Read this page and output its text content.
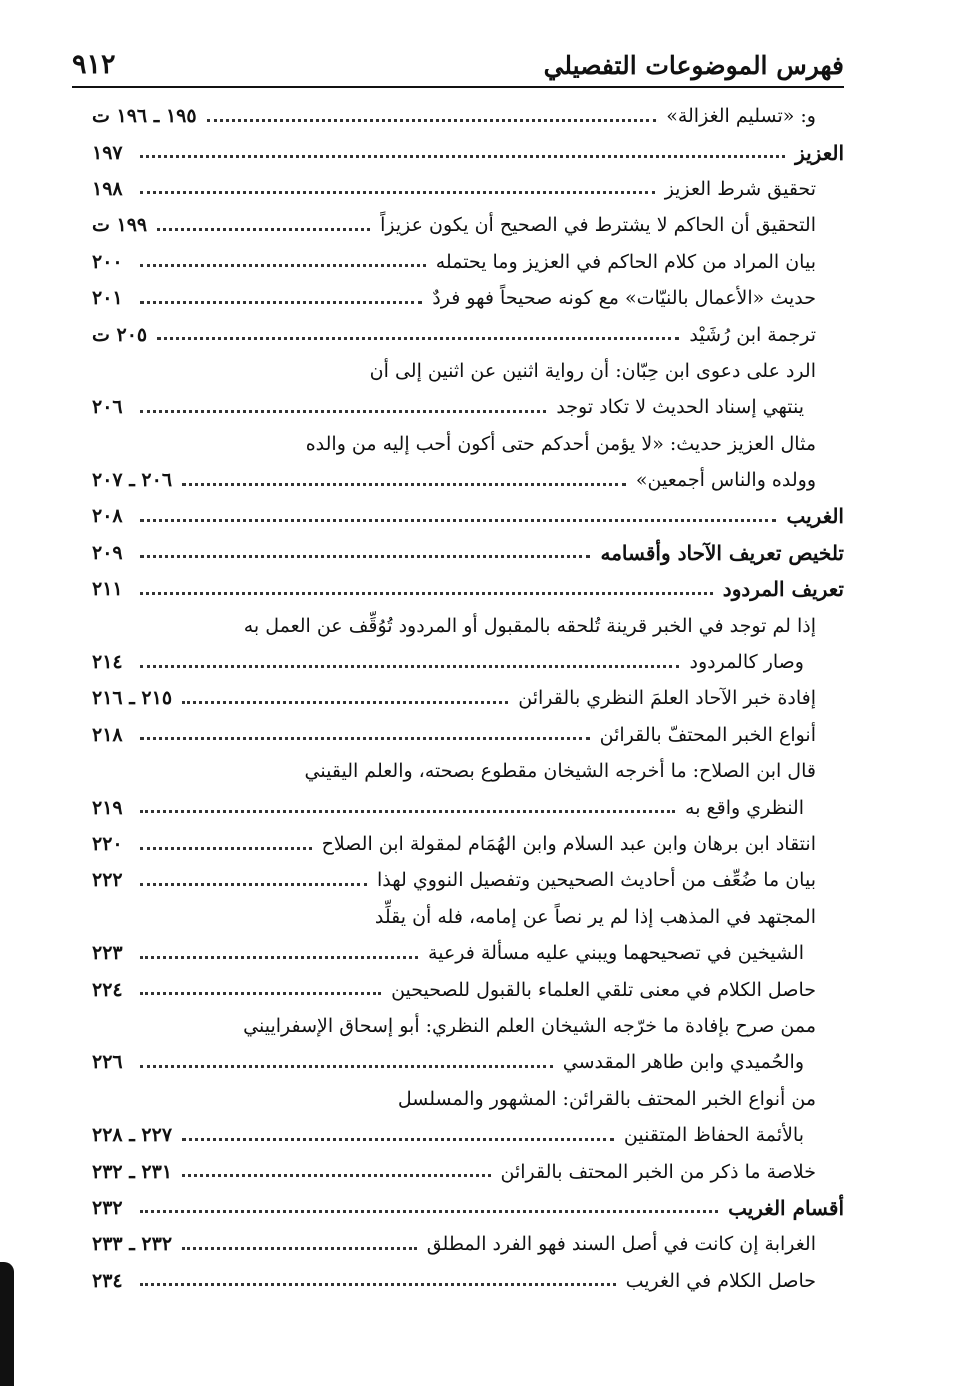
فهرس الموضوعات التفصيلي
٩١٢
و: «تسليم الغزالة»
١٩٥ ـ ١٩٦ ت
العزيز
١٩٧
تحقيق شرط العزيز
١٩٨
التحقيق أن الحاكم لا يشترط في الصحيح أن يكون عزيزاً
١٩٩ ت
بيان المراد من كلام الحاكم في العزيز وما يحتمله
٢٠٠
حديث «الأعمال بالنيّات» مع كونه صحيحاً فهو فردٌ
٢٠١
ترجمة ابن رُشَيْد
٢٠٥ ت
الرد على دعوى ابن حِبّان: أن رواية اثنين عن اثنين إلى أن
ينتهي إسناد الحديث لا تكاد توجد
٢٠٦
مثال العزيز حديث: «لا يؤمن أحدكم حتى أكون أحب إليه من والده
وولده والناس أجمعين»
٢٠٦ ـ ٢٠٧
الغريب
٢٠٨
تلخيص تعريف الآحاد وأقسامه
٢٠٩
تعريف المردود
٢١١
إذا لم توجد في الخبر قرينة تُلحقه بالمقبول أو المردود تُوُقِّف عن العمل به
وصار كالمردود
٢١٤
إفادة خبر الآحاد العلمَ النظري بالقرائن
٢١٥ ـ ٢١٦
أنواع الخبر المحتفّ بالقرائن
٢١٨
قال ابن الصلاح: ما أخرجه الشيخان مقطوع بصحته، والعلم اليقيني
النظري واقع به
٢١٩
انتقاد ابن برهان وابن عبد السلام وابن الهُمَام لمقولة ابن الصلاح
٢٢٠
بيان ما ضُعِّف من أحاديث الصحيحين وتفصيل النووي لهذا
٢٢٢
المجتهد في المذهب إذا لم ير نصاً عن إمامه، فله أن يقلِّد
الشيخين في تصحيحهما ويبني عليه مسألة فرعية
٢٢٣
حاصل الكلام في معنى تلقي العلماء بالقبول للصحيحين
٢٢٤
ممن صرح بإفادة ما خرّجه الشيخان العلم النظري: أبو إسحاق الإسفراييني
والحُميدي وابن طاهر المقدسي
٢٢٦
من أنواع الخبر المحتف بالقرائن: المشهور والمسلسل
بالأئمة الحفاظ المتقنين
٢٢٧ ـ ٢٢٨
خلاصة ما ذكر من الخبر المحتف بالقرائن
٢٣١ ـ ٢٣٢
أقسام الغريب
٢٣٢
الغرابة إن كانت في أصل السند فهو الفرد المطلق
٢٣٢ ـ ٢٣٣
حاصل الكلام في الغريب
٢٣٤
